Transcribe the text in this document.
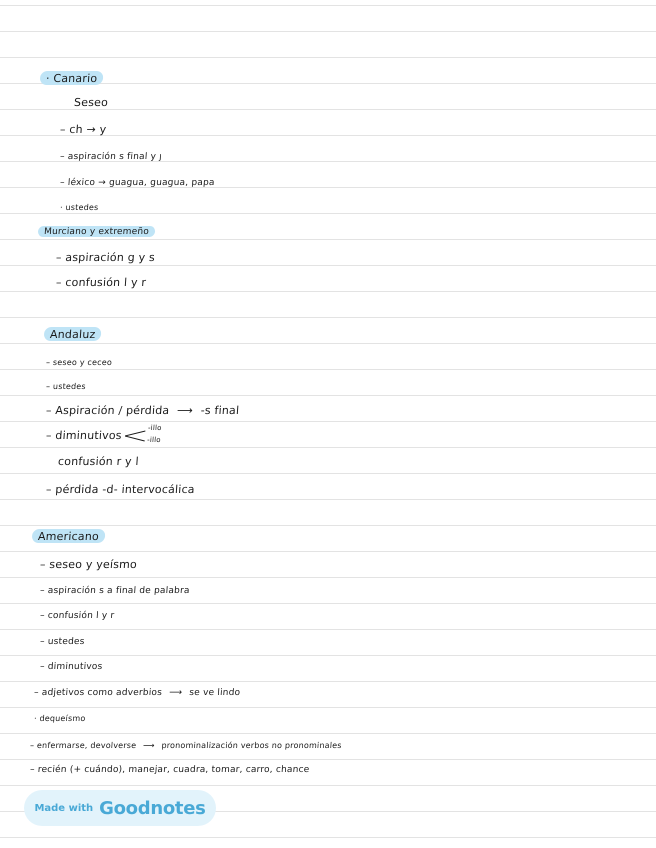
· Canario
Seseo
– ch → y
– aspiración s final y ȷ
– léxico → guagua, guagua, papa
· ustedes
Murciano y extremeño
– aspiración g y s
– confusión l y r
Andaluz
– seseo y ceceo
– ustedes
– Aspiración / pérdida ⟶ -s final
– diminutivos
-illo
-illo
confusión r y l
– pérdida -d- intervocálica
Americano
– seseo y yeísmo
– aspiración s a final de palabra
– confusión l y r
– ustedes
– diminutivos
– adjetivos como adverbios ⟶ se ve lindo
· dequeísmo
– enfermarse, devolverse ⟶ pronominalización verbos no pronominales
– recién (+ cuándo), manejar, cuadra, tomar, carro, chance
Made with Goodnotes
